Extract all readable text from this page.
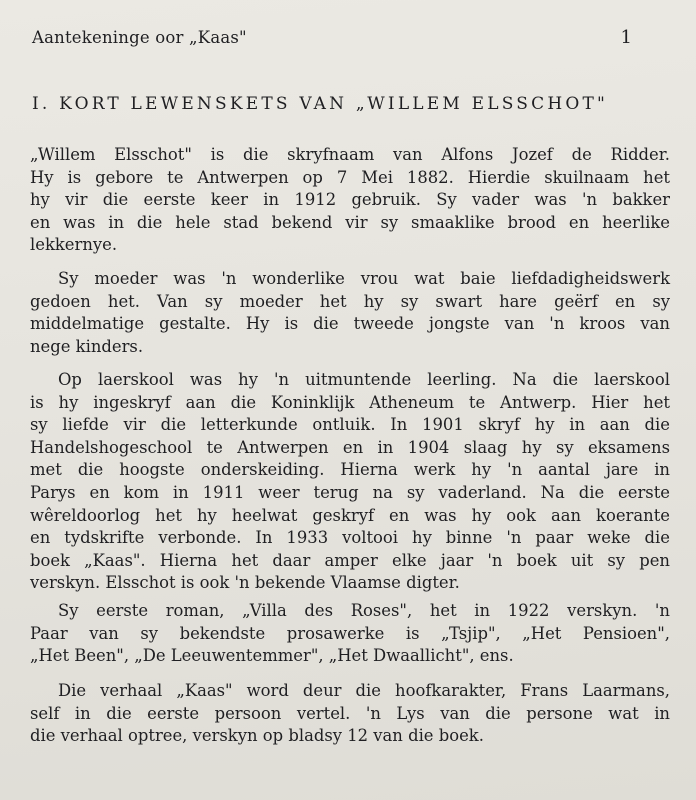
Aantekeninge oor „Kaas"	1
I. KORT LEWENSKETS VAN „WILLEM ELSSCHOT"
„Willem Elsschot" is die skryfnaam van Alfons Jozef de Ridder.
Hy is gebore te Antwerpen op 7 Mei 1882. Hierdie skuilnaam het
hy vir die eerste keer in 1912 gebruik. Sy vader was 'n bakker
en was in die hele stad bekend vir sy smaaklike brood en heerlike
lekkernye.
Sy moeder was 'n wonderlike vrou wat baie liefdadigheidswerk
gedoen het. Van sy moeder het hy sy swart hare geërf en sy
middelmatige gestalte. Hy is die tweede jongste van 'n kroos van
nege kinders.
Op laerskool was hy 'n uitmuntende leerling. Na die laerskool
is hy ingeskryf aan die Koninklijk Atheneum te Antwerp. Hier het
sy liefde vir die letterkunde ontluik. In 1901 skryf hy in aan die
Handelshogeschool te Antwerpen en in 1904 slaag hy sy eksamens
met die hoogste onderskeiding. Hierna werk hy 'n aantal jare in
Parys en kom in 1911 weer terug na sy vaderland. Na die eerste
wêreldoorlog het hy heelwat geskryf en was hy ook aan koerante
en tydskrifte verbonde. In 1933 voltooi hy binne 'n paar weke die
boek „Kaas". Hierna het daar amper elke jaar 'n boek uit sy pen
verskyn. Elsschot is ook 'n bekende Vlaamse digter.
Sy eerste roman, „Villa des Roses", het in 1922 verskyn. 'n
Paar van sy bekendste prosawerke is „Tsjip", „Het Pensioen",
„Het Been", „De Leeuwentemmer", „Het Dwaallicht", ens.
Die verhaal „Kaas" word deur die hoofkarakter, Frans Laarmans,
self in die eerste persoon vertel. 'n Lys van die persone wat in
die verhaal optree, verskyn op bladsy 12 van die boek.
